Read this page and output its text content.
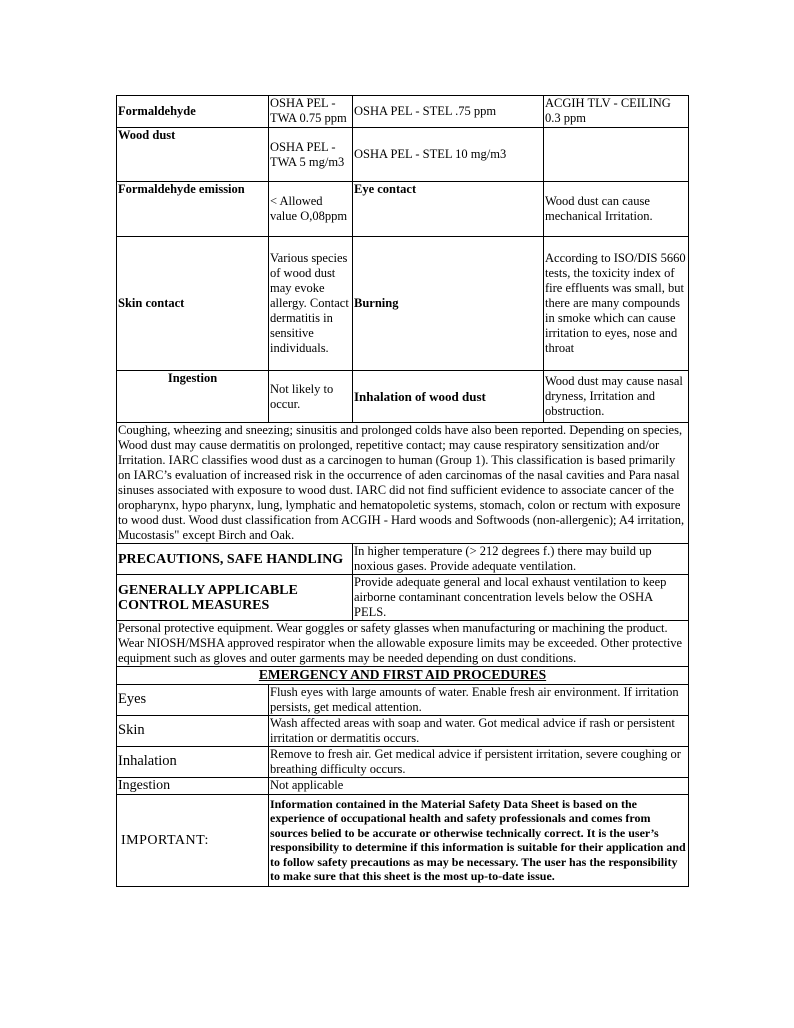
Formaldehyde	OSHA PEL - TWA 0.75 ppm	OSHA PEL - STEL .75 ppm	ACGIH TLV - CEILING 0.3 ppm
Wood dust	OSHA PEL - TWA 5 mg/m3	OSHA PEL - STEL 10 mg/m3	
Formaldehyde emission	< Allowed value O,08ppm	Eye contact	Wood dust can cause mechanical Irritation.
Skin contact	Various species of wood dust may evoke allergy. Contact dermatitis in sensitive individuals.	Burning	According to ISO/DIS 5660 tests, the toxicity index of fire effluents was small, but there are many compounds in smoke which can cause irritation to eyes, nose and throat
Ingestion	Not likely to occur.	Inhalation of wood dust	Wood dust may cause nasal dryness, Irritation and obstruction.
Coughing, wheezing and sneezing; sinusitis and prolonged colds have also been reported. Depending on species, Wood dust may cause dermatitis on prolonged, repetitive contact; may cause respiratory sensitization and/or Irritation. IARC classifies wood dust as a carcinogen to human (Group 1). This classification is based primarily on IARC’s evaluation of increased risk in the occurrence of aden carcinomas of the nasal cavities and Para nasal sinuses associated with exposure to wood dust. IARC did not find sufficient evidence to associate cancer of the oropharynx, hypo pharynx, lung, lymphatic and hematopoletic systems, stomach, colon or rectum with exposure to wood dust. Wood dust classification from ACGIH - Hard woods and Softwoods (non-allergenic); A4 irritation, Mucostasis" except Birch and Oak.	
PRECAUTIONS, SAFE HANDLING	In higher temperature (> 212 degrees f.) there may build up noxious gases. Provide adequate ventilation.
GENERALLY APPLICABLE CONTROL MEASURES	Provide adequate general and local exhaust ventilation to keep airborne contaminant concentration levels below the OSHA PELS.
Personal protective equipment. Wear goggles or safety glasses when manufacturing or machining the product. Wear NIOSH/MSHA approved respirator when the allowable exposure limits may be exceeded. Other protective equipment such as gloves and outer garments may be needed depending on dust conditions.	
EMERGENCY AND FIRST AID PROCEDURES	
Eyes	Flush eyes with large amounts of water. Enable fresh air environment. If irritation persists, get medical attention.
Skin	Wash affected areas with soap and water. Got medical advice if rash or persistent irritation or dermatitis occurs.
Inhalation	Remove to fresh air. Get medical advice if persistent irritation, severe coughing or breathing difficulty occurs.
Ingestion	Not applicable
IMPORTANT:	Information contained in the Material Safety Data Sheet is based on the experience of occupational health and safety professionals and comes from sources belied to be accurate or otherwise technically correct. It is the user’s responsibility to determine if this information is suitable for their application and to follow safety precautions as may be necessary. The user has the responsibility to make sure that this sheet is the most up-to-date issue.
